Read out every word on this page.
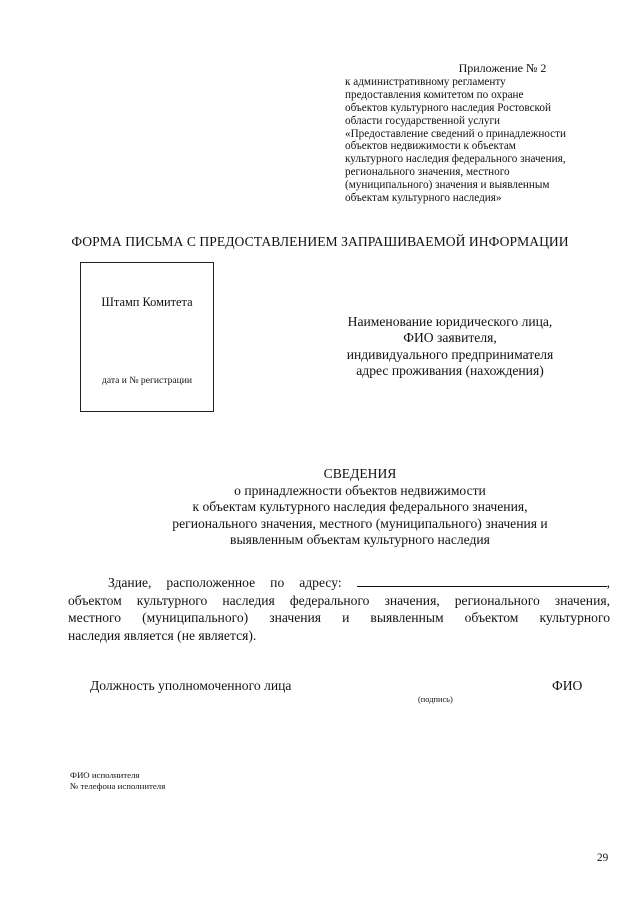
Приложение № 2
к административному регламенту
предоставления комитетом по охране
объектов культурного наследия Ростовской
области государственной услуги
«Предоставление сведений о принадлежности
объектов недвижимости к объектам
культурного наследия федерального значения,
регионального значения, местного
(муниципального) значения и выявленным
объектам культурного наследия»
ФОРМА ПИСЬМА С ПРЕДОСТАВЛЕНИЕМ ЗАПРАШИВАЕМОЙ ИНФОРМАЦИИ
Штамп Комитета
дата и № регистрации
Наименование юридического лица,
ФИО заявителя,
индивидуального предпринимателя
адрес проживания (нахождения)
СВЕДЕНИЯ
о принадлежности объектов недвижимости
к объектам культурного наследия федерального значения,
регионального значения, местного (муниципального) значения и
выявленным объектам культурного наследия
Здание, расположенное по адресу:	,
объектом культурного наследия федерального значения, регионального значения,
местного (муниципального) значения и выявленным объектом культурного
наследия является (не является).
Должность уполномоченного лица	ФИО
(подпись)
ФИО исполнителя
№ телефона исполнителя
29
